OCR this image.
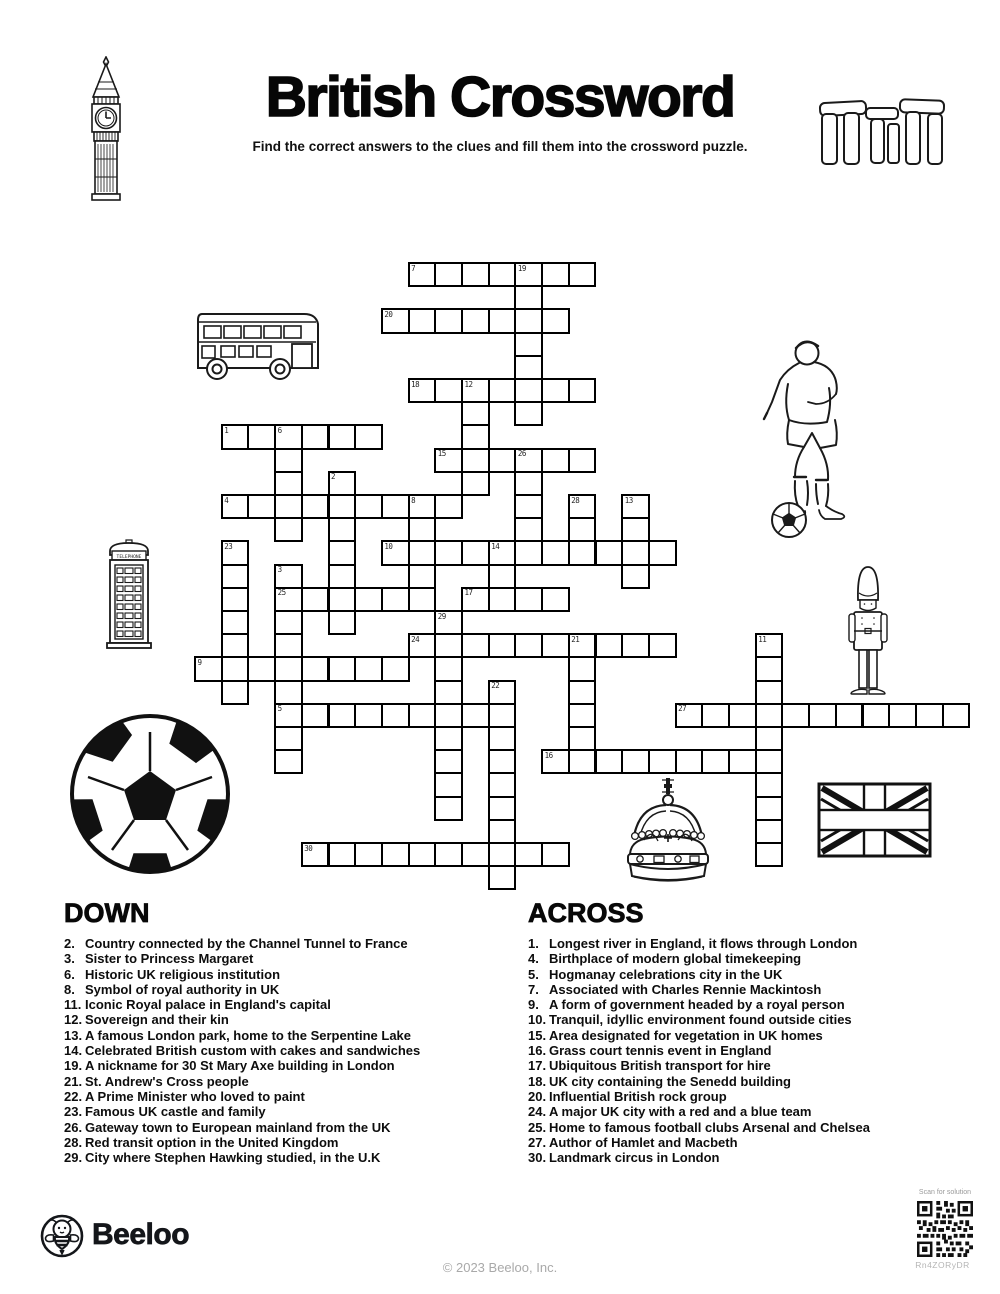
British Crossword
Find the correct answers to the clues and fill them into the crossword puzzle.
7	19
20
18	12
1	6
15	26
2
4	8	28	13
23	10	14
3
25
5
17
29
24	21	11
9
22
27
16
30
TELEPHONE
DOWN
2. Country connected by the Channel Tunnel to France
3. Sister to Princess Margaret
6. Historic UK religious institution
8. Symbol of royal authority in UK
11. Iconic Royal palace in England's capital
12. Sovereign and their kin
13. A famous London park, home to the Serpentine Lake
14. Celebrated British custom with cakes and sandwiches
19. A nickname for 30 St Mary Axe building in London
21. St. Andrew's Cross people
22. A Prime Minister who loved to paint
23. Famous UK castle and family
26. Gateway town to European mainland from the UK
28. Red transit option in the United Kingdom
29. City where Stephen Hawking studied, in the U.K
ACROSS
1. Longest river in England, it flows through London
4. Birthplace of modern global timekeeping
5. Hogmanay celebrations city in the UK
7. Associated with Charles Rennie Mackintosh
9. A form of government headed by a royal person
10. Tranquil, idyllic environment found outside cities
15. Area designated for vegetation in UK homes
16. Grass court tennis event in England
17. Ubiquitous British transport for hire
18. UK city containing the Senedd building
20. Influential British rock group
24. A major UK city with a red and a blue team
25. Home to famous football clubs Arsenal and Chelsea
27. Author of Hamlet and Macbeth
30. Landmark circus in London
Beeloo
© 2023 Beeloo, Inc.
Scan for solution
Rn4ZORyDR
